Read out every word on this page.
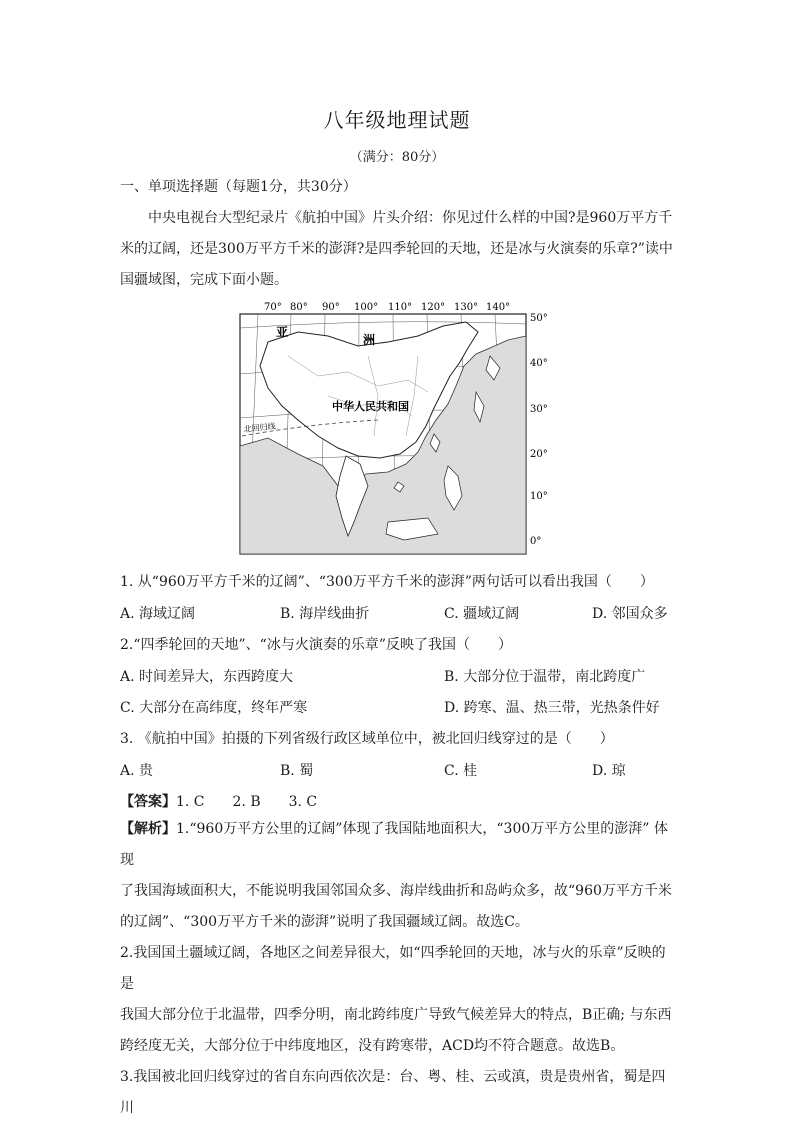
八年级地理试题
（满分：80分）
一、单项选择题（每题1分，共30分）

中央电视台大型纪录片《航拍中国》片头介绍：你见过什么样的中国?是960万平方千

米的辽阔，还是300万平方千米的澎湃?是四季轮回的天地，还是冰与火演奏的乐章?”读中

国疆域图，完成下面小题。

70° 80° 90° 100° 110° 120° 130° 140°
50°
40°
30°
20°
10°
0°
北回归线
亚
洲
中华人民共和国
1. 从“960万平方千米的辽阔”、“300万平方千米的澎湃”两句话可以看出我国（　　）
A. 海域辽阔	B. 海岸线曲折	C. 疆域辽阔	D. 邻国众多
2.“四季轮回的天地”、“冰与火演奏的乐章”反映了我国（　　）
A. 时间差异大，东西跨度大	B. 大部分位于温带，南北跨度广
C. 大部分在高纬度，终年严寒	D. 跨寒、温、热三带，光热条件好
3. 《航拍中国》拍摄的下列省级行政区域单位中，被北回归线穿过的是（　　）
A. 贵	B. 蜀	C. 桂	D. 琼
【答案】1. C　　2. B　　3. C

【解析】1.“960万平方公里的辽阔”体现了我国陆地面积大，“300万平方公里的澎湃” 体现

了我国海域面积大，不能说明我国邻国众多、海岸线曲折和岛屿众多，故“960万平方千米

的辽阔”、“300万平方千米的澎湃”说明了我国疆域辽阔。故选C。

2.我国国土疆域辽阔，各地区之间差异很大，如“四季轮回的天地，冰与火的乐章”反映的是

我国大部分位于北温带，四季分明，南北跨纬度广导致气候差异大的特点，B正确; 与东西

跨经度无关，大部分位于中纬度地区，没有跨寒带，ACD均不符合题意。故选B。

3.我国被北回归线穿过的省自东向西依次是：台、粤、桂、云或滇，贵是贵州省，蜀是四川
